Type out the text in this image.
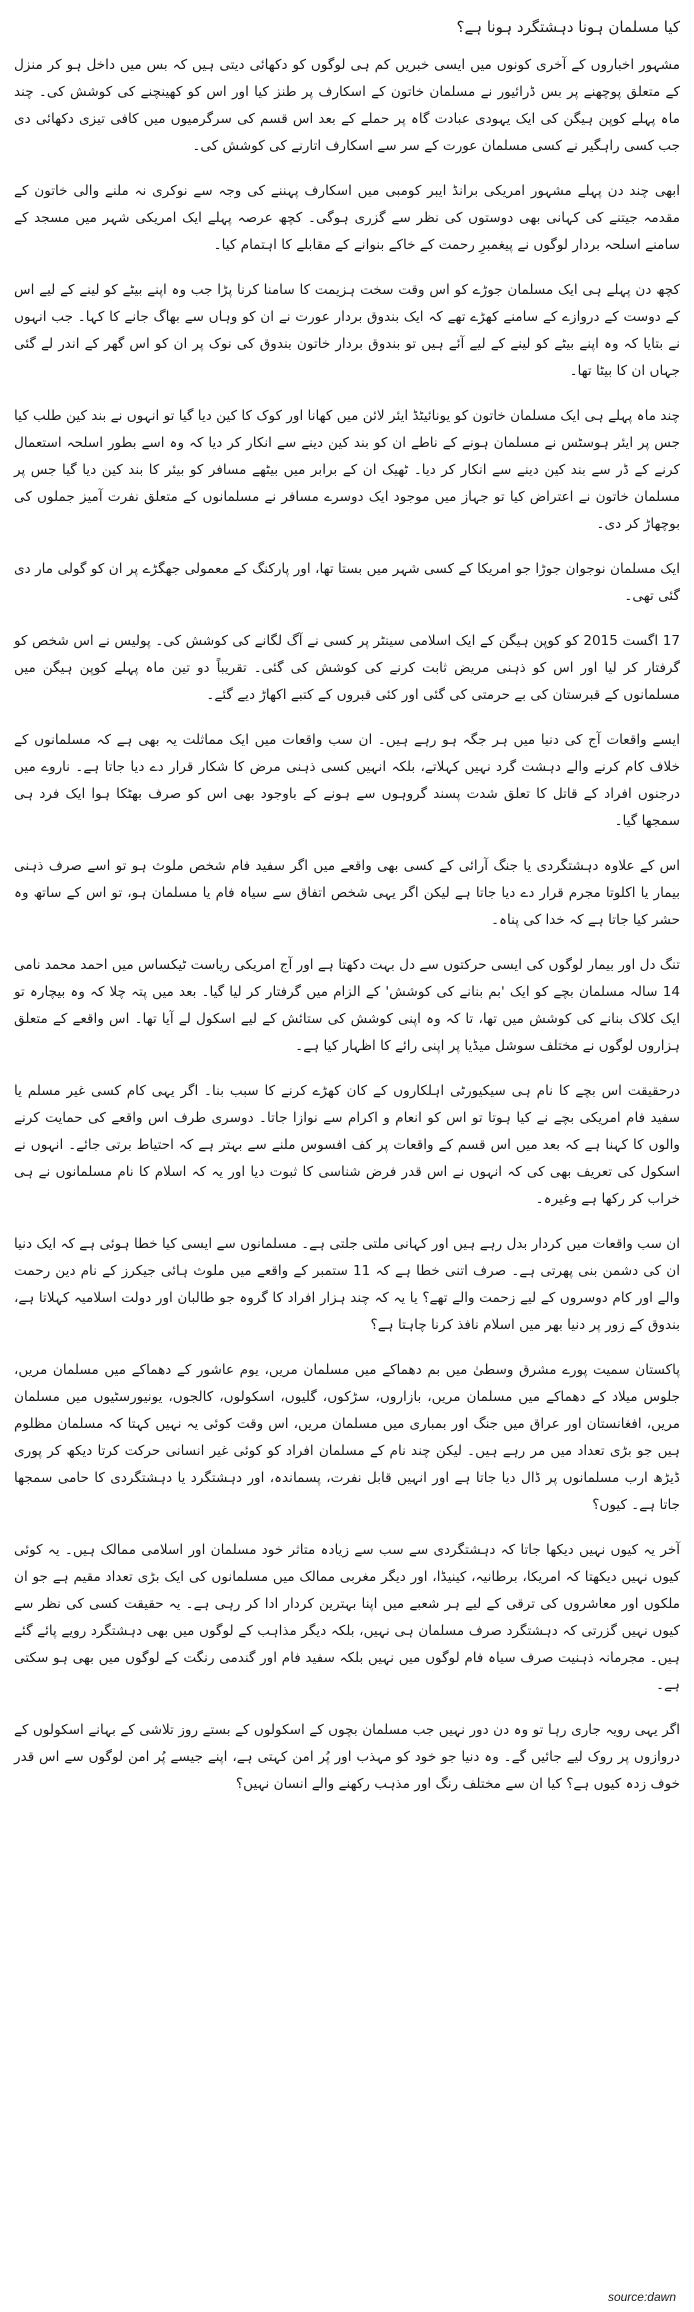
کیا مسلمان ہونا دہشتگرد ہونا ہے؟

مشہور اخباروں کے آخری کونوں میں ایسی خبریں کم ہی لوگوں کو دکھائی دیتی ہیں کہ بس میں داخل ہو کر منزل کے متعلق پوچھنے پر بس ڈرائیور نے مسلمان خاتون کے اسکارف پر طنز کیا اور اس کو کھینچنے کی کوشش کی۔ چند ماہ پہلے کوپن ہیگن کی ایک یہودی عبادت گاہ پر حملے کے بعد اس قسم کی سرگرمیوں میں کافی تیزی دکھائی دی جب کسی راہگیر نے کسی مسلمان عورت کے سر سے اسکارف اتارنے کی کوشش کی۔

ابھی چند دن پہلے مشہور امریکی برانڈ ایبر کومبی میں اسکارف پہننے کی وجہ سے نوکری نہ ملنے والی خاتون کے مقدمہ جیتنے کی کہانی بھی دوستوں کی نظر سے گزری ہوگی۔ کچھ عرصہ پہلے ایک امریکی شہر میں مسجد کے سامنے اسلحہ بردار لوگوں نے پیغمبرِ رحمت کے خاکے بنوانے کے مقابلے کا اہتمام کیا۔

کچھ دن پہلے ہی ایک مسلمان جوڑے کو اس وقت سخت ہزیمت کا سامنا کرنا پڑا جب وہ اپنے بیٹے کو لینے کے لیے اس کے دوست کے دروازے کے سامنے کھڑے تھے کہ ایک بندوق بردار عورت نے ان کو وہاں سے بھاگ جانے کا کہا۔ جب انہوں نے بتایا کہ وہ اپنے بیٹے کو لینے کے لیے آئے ہیں تو بندوق بردار خاتون بندوق کی نوک پر ان کو اس گھر کے اندر لے گئی جہاں ان کا بیٹا تھا۔

چند ماہ پہلے ہی ایک مسلمان خاتون کو یونائیٹڈ ایئر لائن میں کھانا اور کوک کا کین دیا گیا تو انہوں نے بند کین طلب کیا جس پر ایئر ہوسٹس نے مسلمان ہونے کے ناطے ان کو بند کین دینے سے انکار کر دیا کہ وہ اسے بطور اسلحہ استعمال کرنے کے ڈر سے بند کین دینے سے انکار کر دیا۔ ٹھیک ان کے برابر میں بیٹھے مسافر کو بیئر کا بند کین دیا گیا جس پر مسلمان خاتون نے اعتراض کیا تو جہاز میں موجود ایک دوسرے مسافر نے مسلمانوں کے متعلق نفرت آمیز جملوں کی بوچھاڑ کر دی۔

ایک مسلمان نوجوان جوڑا جو امریکا کے کسی شہر میں بستا تھا، اور پارکنگ کے معمولی جھگڑے پر ان کو گولی مار دی گئی تھی۔

17 اگست 2015 کو کوپن ہیگن کے ایک اسلامی سینٹر پر کسی نے آگ لگانے کی کوشش کی۔ پولیس نے اس شخص کو گرفتار کر لیا اور اس کو ذہنی مریض ثابت کرنے کی کوشش کی گئی۔ تقریباً دو تین ماہ پہلے کوپن ہیگن میں مسلمانوں کے قبرستان کی بے حرمتی کی گئی اور کئی قبروں کے کتبے اکھاڑ دیے گئے۔

ایسے واقعات آج کی دنیا میں ہر جگہ ہو رہے ہیں۔ ان سب واقعات میں ایک مماثلت یہ بھی ہے کہ مسلمانوں کے خلاف کام کرنے والے دہشت گرد نہیں کہلاتے، بلکہ انہیں کسی ذہنی مرض کا شکار قرار دے دیا جاتا ہے۔ ناروے میں درجنوں افراد کے قاتل کا تعلق شدت پسند گروہوں سے ہونے کے باوجود بھی اس کو صرف بھٹکا ہوا ایک فرد ہی سمجھا گیا۔

اس کے علاوہ دہشتگردی یا جنگ آرائی کے کسی بھی واقعے میں اگر سفید فام شخص ملوث ہو تو اسے صرف ذہنی بیمار یا اکلوتا مجرم قرار دے دیا جاتا ہے لیکن اگر یہی شخص اتفاق سے سیاہ فام یا مسلمان ہو، تو اس کے ساتھ وہ حشر کیا جاتا ہے کہ خدا کی پناہ۔

تنگ دل اور بیمار لوگوں کی ایسی حرکتوں سے دل بہت دکھتا ہے اور آج امریکی ریاست ٹیکساس میں احمد محمد نامی 14 سالہ مسلمان بچے کو ایک 'بم بنانے کی کوشش' کے الزام میں گرفتار کر لیا گیا۔ بعد میں پتہ چلا کہ وہ بیچارہ تو ایک کلاک بنانے کی کوشش میں تھا، تا کہ وہ اپنی کوشش کی ستائش کے لیے اسکول لے آیا تھا۔ اس واقعے کے متعلق ہزاروں لوگوں نے مختلف سوشل میڈیا پر اپنی رائے کا اظہار کیا ہے۔

درحقیقت اس بچے کا نام ہی سیکیورٹی اہلکاروں کے کان کھڑے کرنے کا سبب بنا۔ اگر یہی کام کسی غیر مسلم یا سفید فام امریکی بچے نے کیا ہوتا تو اس کو انعام و اکرام سے نوازا جاتا۔ دوسری طرف اس واقعے کی حمایت کرنے والوں کا کہنا ہے کہ بعد میں اس قسم کے واقعات پر کف افسوس ملنے سے بہتر ہے کہ احتیاط برتی جائے۔ انہوں نے اسکول کی تعریف بھی کی کہ انہوں نے اس قدر فرض شناسی کا ثبوت دیا اور یہ کہ اسلام کا نام مسلمانوں نے ہی خراب کر رکھا ہے وغیرہ۔

ان سب واقعات میں کردار بدل رہے ہیں اور کہانی ملتی جلتی ہے۔ مسلمانوں سے ایسی کیا خطا ہوئی ہے کہ ایک دنیا ان کی دشمن بنی پھرتی ہے۔ صرف اتنی خطا ہے کہ 11 ستمبر کے واقعے میں ملوث ہائی جیکرز کے نام دین رحمت والے اور کام دوسروں کے لیے زحمت والے تھے؟ یا یہ کہ چند ہزار افراد کا گروہ جو طالبان اور دولت اسلامیہ کہلاتا ہے، بندوق کے زور پر دنیا بھر میں اسلام نافذ کرنا چاہتا ہے؟

پاکستان سمیت پورے مشرق وسطیٰ میں بم دھماکے میں مسلمان مریں، یوم عاشور کے دھماکے میں مسلمان مریں، جلوس میلاد کے دھماکے میں مسلمان مریں، بازاروں، سڑکوں، گلیوں، اسکولوں، کالجوں، یونیورسٹیوں میں مسلمان مریں، افغانستان اور عراق میں جنگ اور بمباری میں مسلمان مریں، اس وقت کوئی یہ نہیں کہتا کہ مسلمان مظلوم ہیں جو بڑی تعداد میں مر رہے ہیں۔ لیکن چند نام کے مسلمان افراد کو کوئی غیر انسانی حرکت کرتا دیکھ کر پوری ڈیڑھ ارب مسلمانوں پر ڈال دیا جاتا ہے اور انہیں قابل نفرت، پسماندہ، اور دہشتگرد یا دہشتگردی کا حامی سمجھا جاتا ہے۔ کیوں؟

آخر یہ کیوں نہیں دیکھا جاتا کہ دہشتگردی سے سب سے زیادہ متاثر خود مسلمان اور اسلامی ممالک ہیں۔ یہ کوئی کیوں نہیں دیکھتا کہ امریکا، برطانیہ، کینیڈا، اور دیگر مغربی ممالک میں مسلمانوں کی ایک بڑی تعداد مقیم ہے جو ان ملکوں اور معاشروں کی ترقی کے لیے ہر شعبے میں اپنا بہترین کردار ادا کر رہی ہے۔ یہ حقیقت کسی کی نظر سے کیوں نہیں گزرتی کہ دہشتگرد صرف مسلمان ہی نہیں، بلکہ دیگر مذاہب کے لوگوں میں بھی دہشتگرد رویے پائے گئے ہیں۔ مجرمانہ ذہنیت صرف سیاہ فام لوگوں میں نہیں بلکہ سفید فام اور گندمی رنگت کے لوگوں میں بھی ہو سکتی ہے۔

اگر یہی رویہ جاری رہا تو وہ دن دور نہیں جب مسلمان بچوں کے اسکولوں کے بستے روز تلاشی کے بہانے اسکولوں کے دروازوں پر روک لیے جائیں گے۔ وہ دنیا جو خود کو مہذب اور پُر امن کہتی ہے، اپنے جیسے پُر امن لوگوں سے اس قدر خوف زدہ کیوں ہے؟ کیا ان سے مختلف رنگ اور مذہب رکھنے والے انسان نہیں؟

source:dawn
